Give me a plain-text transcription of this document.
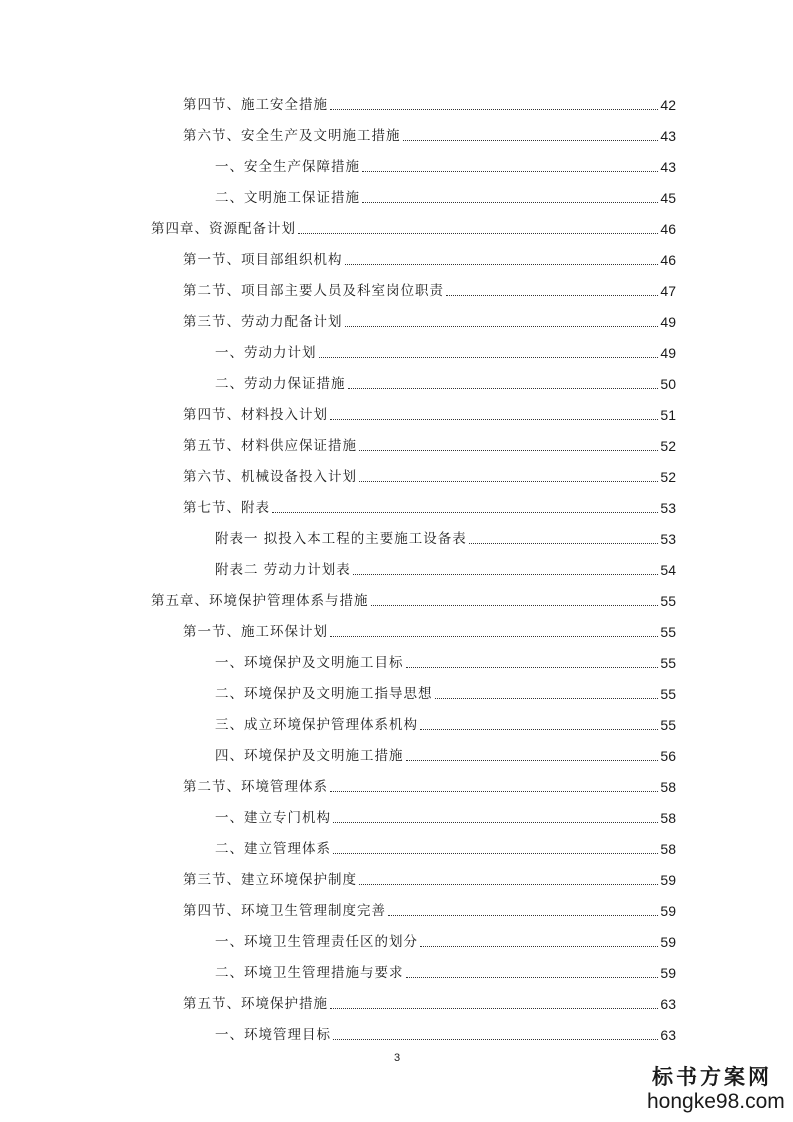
第四节、施工安全措施	42
第六节、安全生产及文明施工措施	43
一、安全生产保障措施	43
二、文明施工保证措施	45
第四章、资源配备计划	46
第一节、项目部组织机构	46
第二节、项目部主要人员及科室岗位职责	47
第三节、劳动力配备计划	49
一、劳动力计划	49
二、劳动力保证措施	50
第四节、材料投入计划	51
第五节、材料供应保证措施	52
第六节、机械设备投入计划	52
第七节、附表	53
附表一 拟投入本工程的主要施工设备表	53
附表二 劳动力计划表	54
第五章、环境保护管理体系与措施	55
第一节、施工环保计划	55
一、环境保护及文明施工目标	55
二、环境保护及文明施工指导思想	55
三、成立环境保护管理体系机构	55
四、环境保护及文明施工措施	56
第二节、环境管理体系	58
一、建立专门机构	58
二、建立管理体系	58
第三节、建立环境保护制度	59
第四节、环境卫生管理制度完善	59
一、环境卫生管理责任区的划分	59
二、环境卫生管理措施与要求	59
第五节、环境保护措施	63
一、环境管理目标	63
3
标书方案网
hongke98.com
